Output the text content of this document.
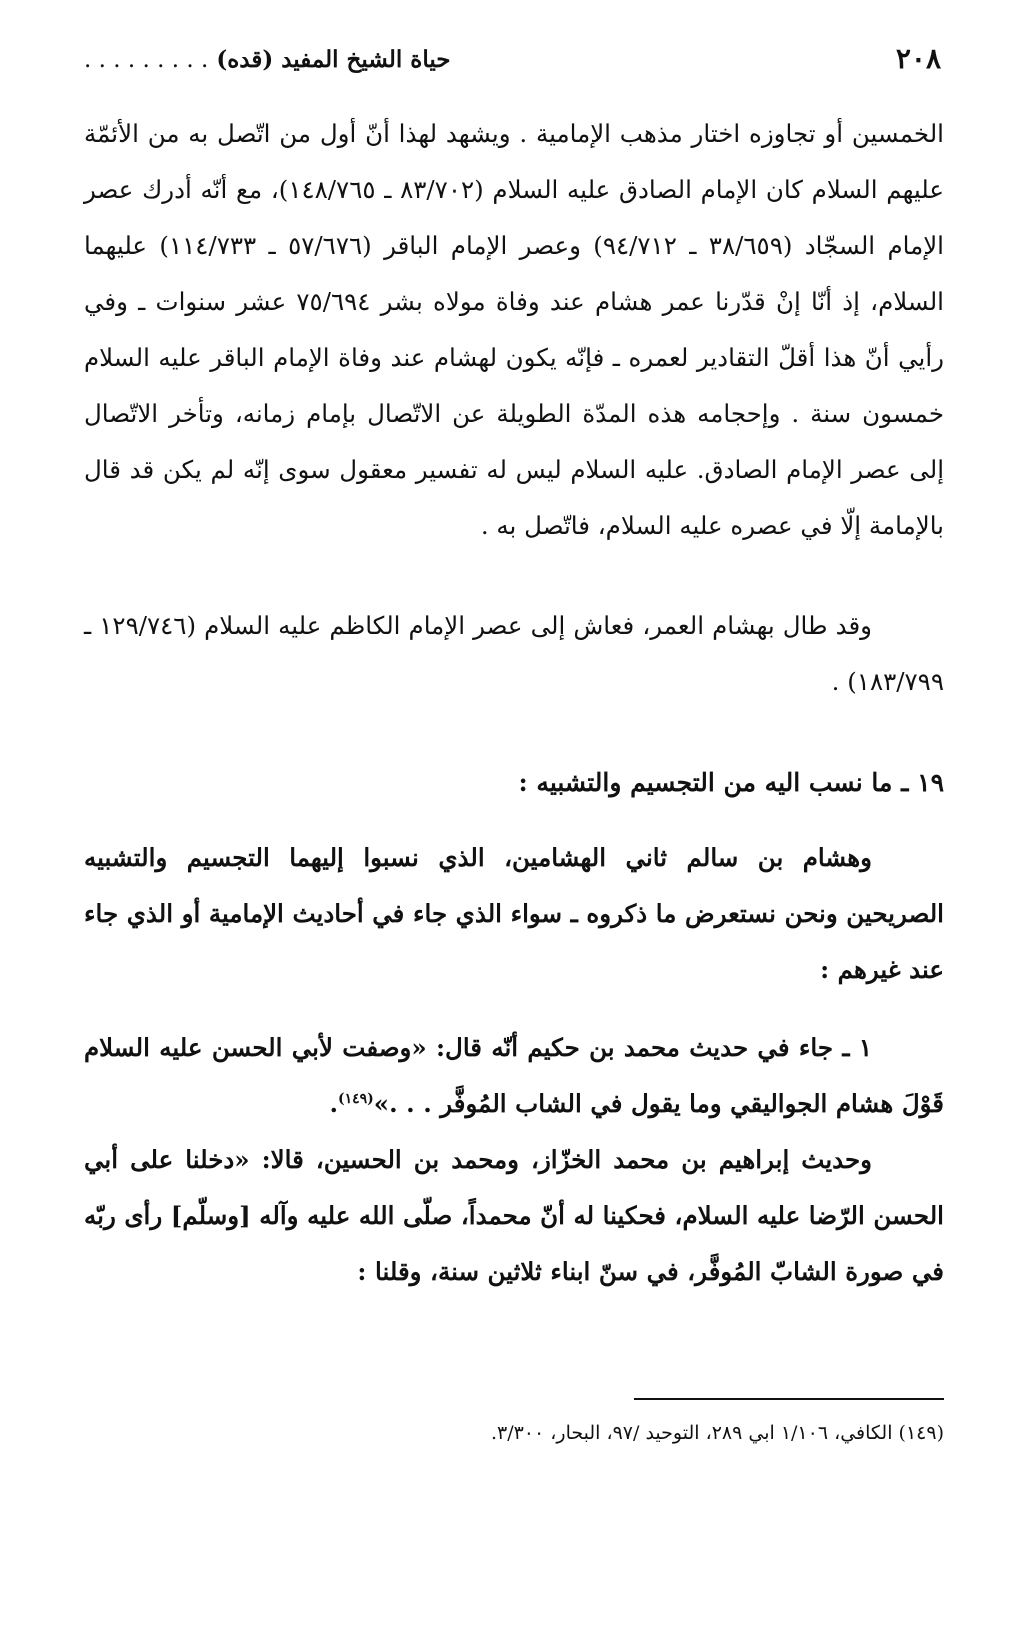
٢٠٨
حياة الشيخ المفيد (قده) . . . . . . . . .

الخمسين أو تجاوزه اختار مذهب الإمامية . ويشهد لهذا أنّ أول من اتّصل به من الأئمّة عليهم السلام كان الإمام الصادق عليه السلام (٨٣/٧٠٢ ـ ١٤٨/٧٦٥)، مع أنّه أدرك عصر الإمام السجّاد (٣٨/٦٥٩ ـ ٩٤/٧١٢) وعصر الإمام الباقر (٥٧/٦٧٦ ـ ١١٤/٧٣٣) عليهما السلام، إذ أنّا إنْ قدّرنا عمر هشام عند وفاة مولاه بشر ٧٥/٦٩٤ عشر سنوات ـ وفي رأيي أنّ هذا أقلّ التقادير لعمره ـ فإنّه يكون لهشام عند وفاة الإمام الباقر عليه السلام خمسون سنة . وإحجامه هذه المدّة الطويلة عن الاتّصال بإمام زمانه، وتأخر الاتّصال إلى عصر الإمام الصادق. عليه السلام ليس له تفسير معقول سوى إنّه لم يكن قد قال بالإمامة إلّا في عصره عليه السلام، فاتّصل به .

وقد طال بهشام العمر، فعاش إلى عصر الإمام الكاظم عليه السلام (١٢٩/٧٤٦ ـ ١٨٣/٧٩٩) .

١٩ ـ ما نسب اليه من التجسيم والتشبيه :

وهشام بن سالم ثاني الهشامين، الذي نسبوا إليهما التجسيم والتشبيه الصريحين ونحن نستعرض ما ذكروه ـ سواء الذي جاء في أحاديث الإمامية أو الذي جاء عند غيرهم :

١ ـ جاء في حديث محمد بن حكيم أنّه قال: «وصفت لأبي الحسن عليه السلام قَوْلَ هشام الجواليقي وما يقول في الشاب المُوفَّر . . .»$^{(١٤٩)}$.

وحديث إبراهيم بن محمد الخزّاز، ومحمد بن الحسين، قالا: «دخلنا على أبي الحسن الرّضا عليه السلام، فحكينا له أنّ محمداً، صلّى الله عليه وآله [وسلّم] رأى ربّه في صورة الشابّ المُوفَّر، في سنّ ابناء ثلاثين سنة، وقلنا :

(١٤٩) الكافي، ١/١٠٦ ابي ٢٨٩، التوحيد /٩٧، البحار، ٣/٣٠٠.
